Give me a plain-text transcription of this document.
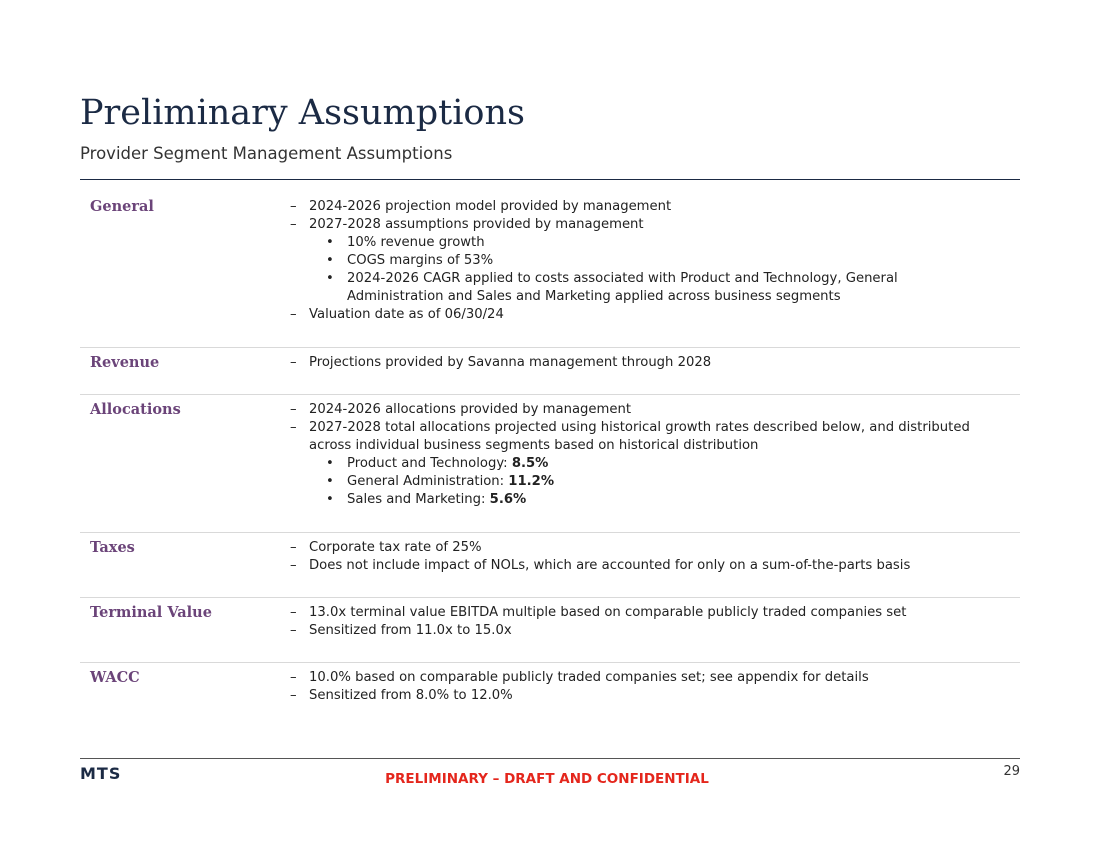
Preliminary Assumptions
Provider Segment Management Assumptions
General	– 2024-2026 projection model provided by management
– 2027-2028 assumptions provided by management
• 10% revenue growth
• COGS margins of 53%
• 2024-2026 CAGR applied to costs associated with Product and Technology, General Administration and Sales and Marketing applied across business segments
– Valuation date as of 06/30/24
Revenue	– Projections provided by Savanna management through 2028
Allocations	– 2024-2026 allocations provided by management
– 2027-2028 total allocations projected using historical growth rates described below, and distributed across individual business segments based on historical distribution
• Product and Technology: 8.5%
• General Administration: 11.2%
• Sales and Marketing: 5.6%
Taxes	– Corporate tax rate of 25%
– Does not include impact of NOLs, which are accounted for only on a sum-of-the-parts basis
Terminal Value	– 13.0x terminal value EBITDA multiple based on comparable publicly traded companies set
– Sensitized from 11.0x to 15.0x
WACC	– 10.0% based on comparable publicly traded companies set; see appendix for details
– Sensitized from 8.0% to 12.0%
MTS	PRELIMINARY – DRAFT AND CONFIDENTIAL	29
